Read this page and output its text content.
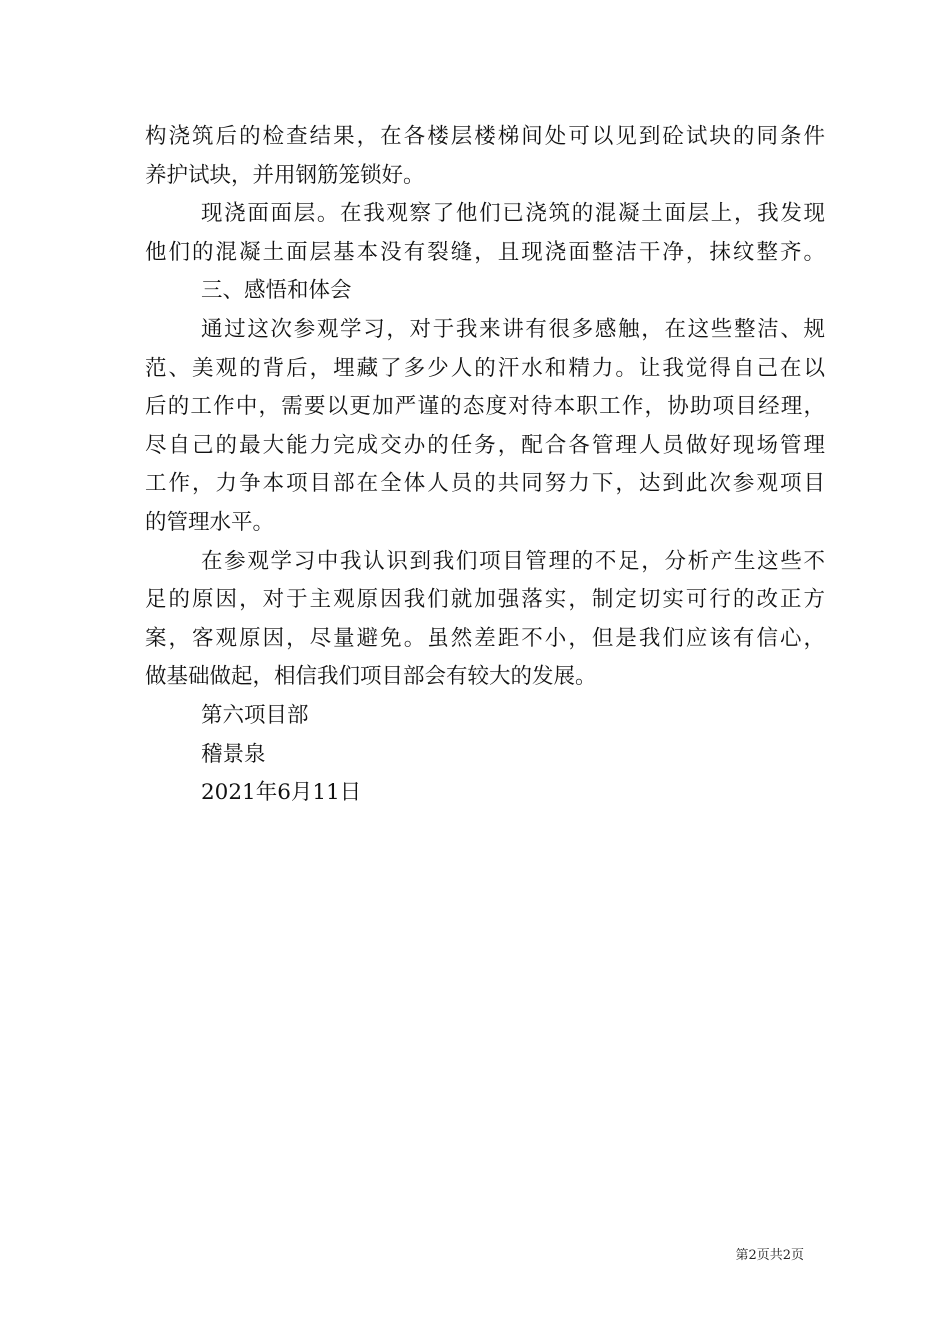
构浇筑后的检查结果，在各楼层楼梯间处可以见到砼试块的同条件
养护试块，并用钢筋笼锁好。
现浇面面层。在我观察了他们已浇筑的混凝土面层上，我发现
他们的混凝土面层基本没有裂缝，且现浇面整洁干净，抹纹整齐。
三、感悟和体会
通过这次参观学习，对于我来讲有很多感触，在这些整洁、规
范、美观的背后，埋藏了多少人的汗水和精力。让我觉得自己在以
后的工作中，需要以更加严谨的态度对待本职工作，协助项目经理，
尽自己的最大能力完成交办的任务，配合各管理人员做好现场管理
工作，力争本项目部在全体人员的共同努力下，达到此次参观项目
的管理水平。
在参观学习中我认识到我们项目管理的不足，分析产生这些不
足的原因，对于主观原因我们就加强落实，制定切实可行的改正方
案，客观原因，尽量避免。虽然差距不小，但是我们应该有信心，
做基础做起，相信我们项目部会有较大的发展。
第六项目部
稽景泉
2021年6月11日
第2页共2页
